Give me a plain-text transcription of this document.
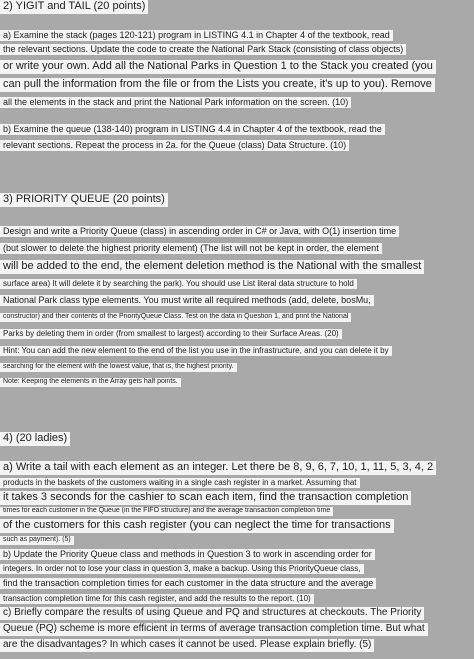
2) YIGIT and TAIL (20 points)
a) Examine the stack (pages 120-121) program in LISTING 4.1 in Chapter 4 of the textbook, read
the relevant sections. Update the code to create the National Park Stack (consisting of class objects)
or write your own. Add all the National Parks in Question 1 to the Stack you created (you
can pull the information from the file or from the Lists you create, it's up to you). Remove
all the elements in the stack and print the National Park information on the screen. (10)
b) Examine the queue (138-140) program in LISTING 4.4 in Chapter 4 of the textbook, read the
relevant sections. Repeat the process in 2a. for the Queue (class) Data Structure. (10)
3) PRIORITY QUEUE (20 points)
Design and write a Priority Queue (class) in ascending order in C# or Java, with O(1) insertion time
(but slower to delete the highest priority element) (The list will not be kept in order, the element
will be added to the end, the element deletion method is the National with the smallest
surface area) It will delete it by searching the park). You should use List literal data structure to hold
National Park class type elements. You must write all required methods (add, delete, bosMu,
constructor) and their contents of the PriorityQueue Class. Test on the data in Question 1, and print the National
Parks by deleting them in order (from smallest to largest) according to their Surface Areas. (20)
Hint: You can add the new element to the end of the list you use in the infrastructure, and you can delete it by
searching for the element with the lowest value, that is, the highest priority.
Note: Keeping the elements in the Array gets half points.
4) (20 ladies)
a) Write a tail with each element as an integer. Let there be 8, 9, 6, 7, 10, 1, 11, 5, 3, 4, 2
products in the baskets of the customers waiting in a single cash register in a market. Assuming that
it takes 3 seconds for the cashier to scan each item, find the transaction completion
times for each customer in the Queue (in the FIFO structure) and the average transaction completion time
of the customers for this cash register (you can neglect the time for transactions
such as payment). (5)
b) Update the Priority Queue class and methods in Question 3 to work in ascending order for
integers. In order not to lose your class in question 3, make a backup. Using this PriorityQueue class,
find the transaction completion times for each customer in the data structure and the average
transaction completion time for this cash register, and add the results to the report. (10)
c) Briefly compare the results of using Queue and PQ and structures at checkouts. The Priority
Queue (PQ) scheme is more efficient in terms of average transaction completion time. But what
are the disadvantages? In which cases it cannot be used. Please explain briefly. (5)
